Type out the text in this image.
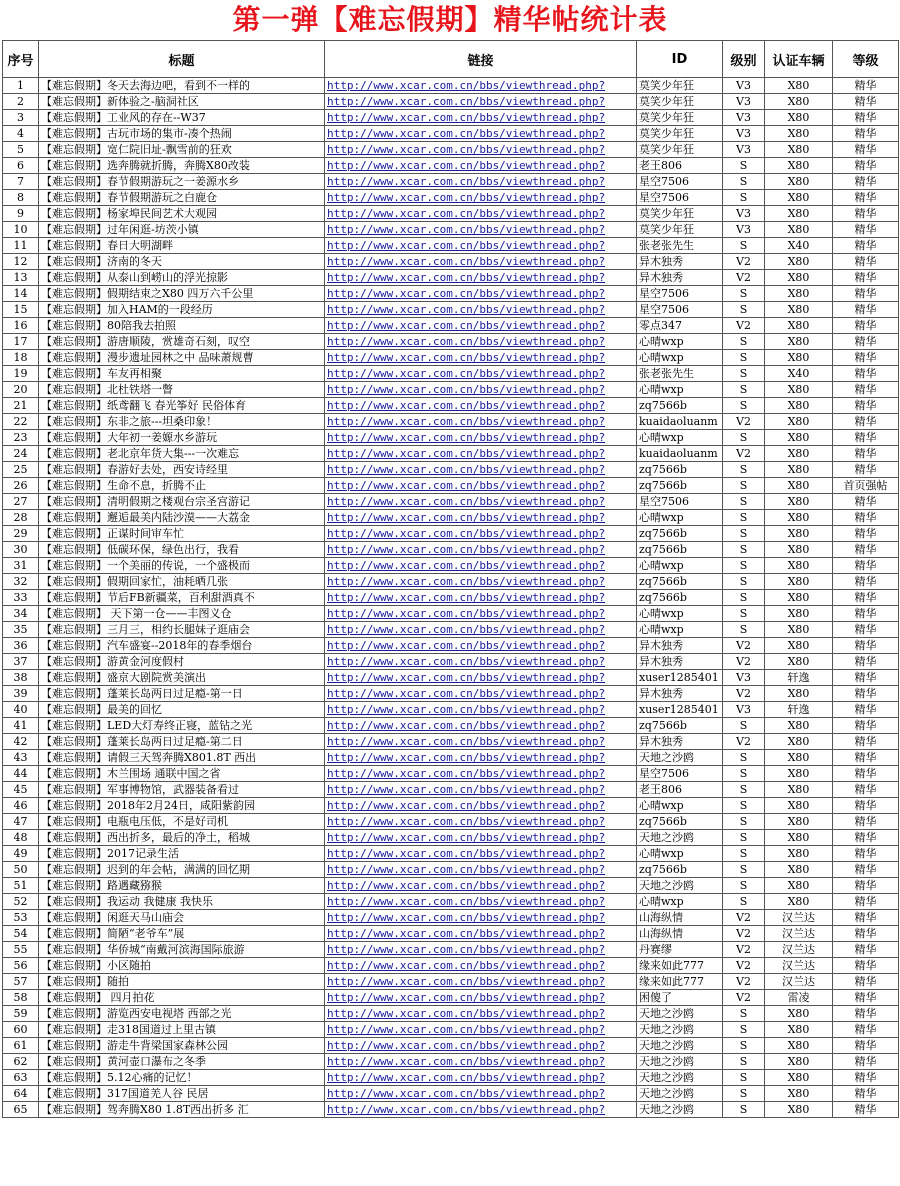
第一弹【难忘假期】精华帖统计表
序号	标题	链接	ID	级别	认证车辆	等级
1	【难忘假期】冬天去海边吧，看到不一样的	http://www.xcar.com.cn/bbs/viewthread.php?	莫笑少年狂	V3	X80	精华
2	【难忘假期】新体验之-脑洞社区	http://www.xcar.com.cn/bbs/viewthread.php?	莫笑少年狂	V3	X80	精华
3	【难忘假期】工业风的存在--W37	http://www.xcar.com.cn/bbs/viewthread.php?	莫笑少年狂	V3	X80	精华
4	【难忘假期】古玩市场的集市-凑个热闹	http://www.xcar.com.cn/bbs/viewthread.php?	莫笑少年狂	V3	X80	精华
5	【难忘假期】宽仁院旧址-飘雪前的狂欢	http://www.xcar.com.cn/bbs/viewthread.php?	莫笑少年狂	V3	X80	精华
6	【难忘假期】选奔腾就折腾，奔腾X80改装	http://www.xcar.com.cn/bbs/viewthread.php?	老王806	S	X80	精华
7	【难忘假期】春节假期游玩之一姜源水乡	http://www.xcar.com.cn/bbs/viewthread.php?	星空7506	S	X80	精华
8	【难忘假期】春节假期游玩之白鹿仓	http://www.xcar.com.cn/bbs/viewthread.php?	星空7506	S	X80	精华
9	【难忘假期】杨家埠民间艺术大观园	http://www.xcar.com.cn/bbs/viewthread.php?	莫笑少年狂	V3	X80	精华
10	【难忘假期】过年闲逛-坊茨小镇	http://www.xcar.com.cn/bbs/viewthread.php?	莫笑少年狂	V3	X80	精华
11	【难忘假期】春日大明湖畔	http://www.xcar.com.cn/bbs/viewthread.php?	张老张先生	S	X40	精华
12	【难忘假期】济南的冬天	http://www.xcar.com.cn/bbs/viewthread.php?	异木独秀	V2	X80	精华
13	【难忘假期】从泰山到崂山的浮光掠影	http://www.xcar.com.cn/bbs/viewthread.php?	异木独秀	V2	X80	精华
14	【难忘假期】假期结束之X80 四万六千公里	http://www.xcar.com.cn/bbs/viewthread.php?	星空7506	S	X80	精华
15	【难忘假期】加入HAM的一段经历	http://www.xcar.com.cn/bbs/viewthread.php?	星空7506	S	X80	精华
16	【难忘假期】80陪我去拍照	http://www.xcar.com.cn/bbs/viewthread.php?	零点347	V2	X80	精华
17	【难忘假期】游唐顺陵，赏雄奇石刻，叹空	http://www.xcar.com.cn/bbs/viewthread.php?	心晴wxp	S	X80	精华
18	【难忘假期】漫步遗址园林之中 品味萧规曹	http://www.xcar.com.cn/bbs/viewthread.php?	心晴wxp	S	X80	精华
19	【难忘假期】车友再相聚	http://www.xcar.com.cn/bbs/viewthread.php?	张老张先生	S	X40	精华
20	【难忘假期】北杜铁塔一瞥	http://www.xcar.com.cn/bbs/viewthread.php?	心晴wxp	S	X80	精华
21	【难忘假期】纸鸢翻飞 春光筝好 民俗体育	http://www.xcar.com.cn/bbs/viewthread.php?	zq7566b	S	X80	精华
22	【难忘假期】东非之旅---坦桑印象！	http://www.xcar.com.cn/bbs/viewthread.php?	kuaidaoluanm	V2	X80	精华
23	【难忘假期】大年初一姜嫄水乡游玩	http://www.xcar.com.cn/bbs/viewthread.php?	心晴wxp	S	X80	精华
24	【难忘假期】老北京年货大集---一次难忘	http://www.xcar.com.cn/bbs/viewthread.php?	kuaidaoluanm	V2	X80	精华
25	【难忘假期】春游好去处，西安诗经里	http://www.xcar.com.cn/bbs/viewthread.php?	zq7566b	S	X80	精华
26	【难忘假期】生命不息，折腾不止	http://www.xcar.com.cn/bbs/viewthread.php?	zq7566b	S	X80	首页强帖
27	【难忘假期】清明假期之楼观台宗圣宫游记	http://www.xcar.com.cn/bbs/viewthread.php?	星空7506	S	X80	精华
28	【难忘假期】邂逅最美内陆沙漠——大荔金	http://www.xcar.com.cn/bbs/viewthread.php?	心晴wxp	S	X80	精华
29	【难忘假期】正谋时间审车忙	http://www.xcar.com.cn/bbs/viewthread.php?	zq7566b	S	X80	精华
30	【难忘假期】低碳环保，绿色出行，我看	http://www.xcar.com.cn/bbs/viewthread.php?	zq7566b	S	X80	精华
31	【难忘假期】一个美丽的传说，一个盛极而	http://www.xcar.com.cn/bbs/viewthread.php?	心晴wxp	S	X80	精华
32	【难忘假期】假期回家忙，油耗晒几张	http://www.xcar.com.cn/bbs/viewthread.php?	zq7566b	S	X80	精华
33	【难忘假期】节后FB新疆菜，百利甜酒真不	http://www.xcar.com.cn/bbs/viewthread.php?	zq7566b	S	X80	精华
34	【难忘假期】 天下第一仓——丰图义仓	http://www.xcar.com.cn/bbs/viewthread.php?	心晴wxp	S	X80	精华
35	【难忘假期】三月三，相约长腿妹子逛庙会	http://www.xcar.com.cn/bbs/viewthread.php?	心晴wxp	S	X80	精华
36	【难忘假期】汽车盛宴--2018年的春季烟台	http://www.xcar.com.cn/bbs/viewthread.php?	异木独秀	V2	X80	精华
37	【难忘假期】游黄金河度假村	http://www.xcar.com.cn/bbs/viewthread.php?	异木独秀	V2	X80	精华
38	【难忘假期】盛京大剧院赏美演出	http://www.xcar.com.cn/bbs/viewthread.php?	xuser1285401	V3	轩逸	精华
39	【难忘假期】蓬莱长岛两日过足瘾-第一日	http://www.xcar.com.cn/bbs/viewthread.php?	异木独秀	V2	X80	精华
40	【难忘假期】最美的回忆	http://www.xcar.com.cn/bbs/viewthread.php?	xuser1285401	V3	轩逸	精华
41	【难忘假期】LED大灯寿终正寝，蓝钻之光	http://www.xcar.com.cn/bbs/viewthread.php?	zq7566b	S	X80	精华
42	【难忘假期】蓬莱长岛两日过足瘾-第二日	http://www.xcar.com.cn/bbs/viewthread.php?	异木独秀	V2	X80	精华
43	【难忘假期】请假三天驾奔腾X801.8T 西出	http://www.xcar.com.cn/bbs/viewthread.php?	天地之沙鸥	S	X80	精华
44	【难忘假期】木兰围场 通联中国之省	http://www.xcar.com.cn/bbs/viewthread.php?	星空7506	S	X80	精华
45	【难忘假期】军事博物馆，武器装备看过	http://www.xcar.com.cn/bbs/viewthread.php?	老王806	S	X80	精华
46	【难忘假期】2018年2月24日，咸阳紫韵园	http://www.xcar.com.cn/bbs/viewthread.php?	心晴wxp	S	X80	精华
47	【难忘假期】电瓶电压低，不是好司机	http://www.xcar.com.cn/bbs/viewthread.php?	zq7566b	S	X80	精华
48	【难忘假期】西出折多，最后的净土，稻城	http://www.xcar.com.cn/bbs/viewthread.php?	天地之沙鸥	S	X80	精华
49	【难忘假期】2017记录生活	http://www.xcar.com.cn/bbs/viewthread.php?	心晴wxp	S	X80	精华
50	【难忘假期】迟到的年会帖，满满的回忆期	http://www.xcar.com.cn/bbs/viewthread.php?	zq7566b	S	X80	精华
51	【难忘假期】路遇藏猕猴	http://www.xcar.com.cn/bbs/viewthread.php?	天地之沙鸥	S	X80	精华
52	【难忘假期】我运动 我健康 我快乐	http://www.xcar.com.cn/bbs/viewthread.php?	心晴wxp	S	X80	精华
53	【难忘假期】闲逛天马山庙会	http://www.xcar.com.cn/bbs/viewthread.php?	山海纵情	V2	汉兰达	精华
54	【难忘假期】简陋“老爷车”展	http://www.xcar.com.cn/bbs/viewthread.php?	山海纵情	V2	汉兰达	精华
55	【难忘假期】华侨城“南戴河滨海国际旅游	http://www.xcar.com.cn/bbs/viewthread.php?	丹赛缪	V2	汉兰达	精华
56	【难忘假期】小区随拍	http://www.xcar.com.cn/bbs/viewthread.php?	缘来如此777	V2	汉兰达	精华
57	【难忘假期】随拍	http://www.xcar.com.cn/bbs/viewthread.php?	缘来如此777	V2	汉兰达	精华
58	【难忘假期】 四月拍花	http://www.xcar.com.cn/bbs/viewthread.php?	困傻了	V2	雷凌	精华
59	【难忘假期】游览西安电视塔 西部之光	http://www.xcar.com.cn/bbs/viewthread.php?	天地之沙鸥	S	X80	精华
60	【难忘假期】走318国道过上里古镇	http://www.xcar.com.cn/bbs/viewthread.php?	天地之沙鸥	S	X80	精华
61	【难忘假期】游走牛背梁国家森林公园	http://www.xcar.com.cn/bbs/viewthread.php?	天地之沙鸥	S	X80	精华
62	【难忘假期】黄河壶口瀑布之冬季	http://www.xcar.com.cn/bbs/viewthread.php?	天地之沙鸥	S	X80	精华
63	【难忘假期】5.12心痛的记忆！	http://www.xcar.com.cn/bbs/viewthread.php?	天地之沙鸥	S	X80	精华
64	【难忘假期】317国道羌人谷 民居	http://www.xcar.com.cn/bbs/viewthread.php?	天地之沙鸥	S	X80	精华
65	【难忘假期】驾奔腾X80 1.8T西出折多 汇	http://www.xcar.com.cn/bbs/viewthread.php?	天地之沙鸥	S	X80	精华
